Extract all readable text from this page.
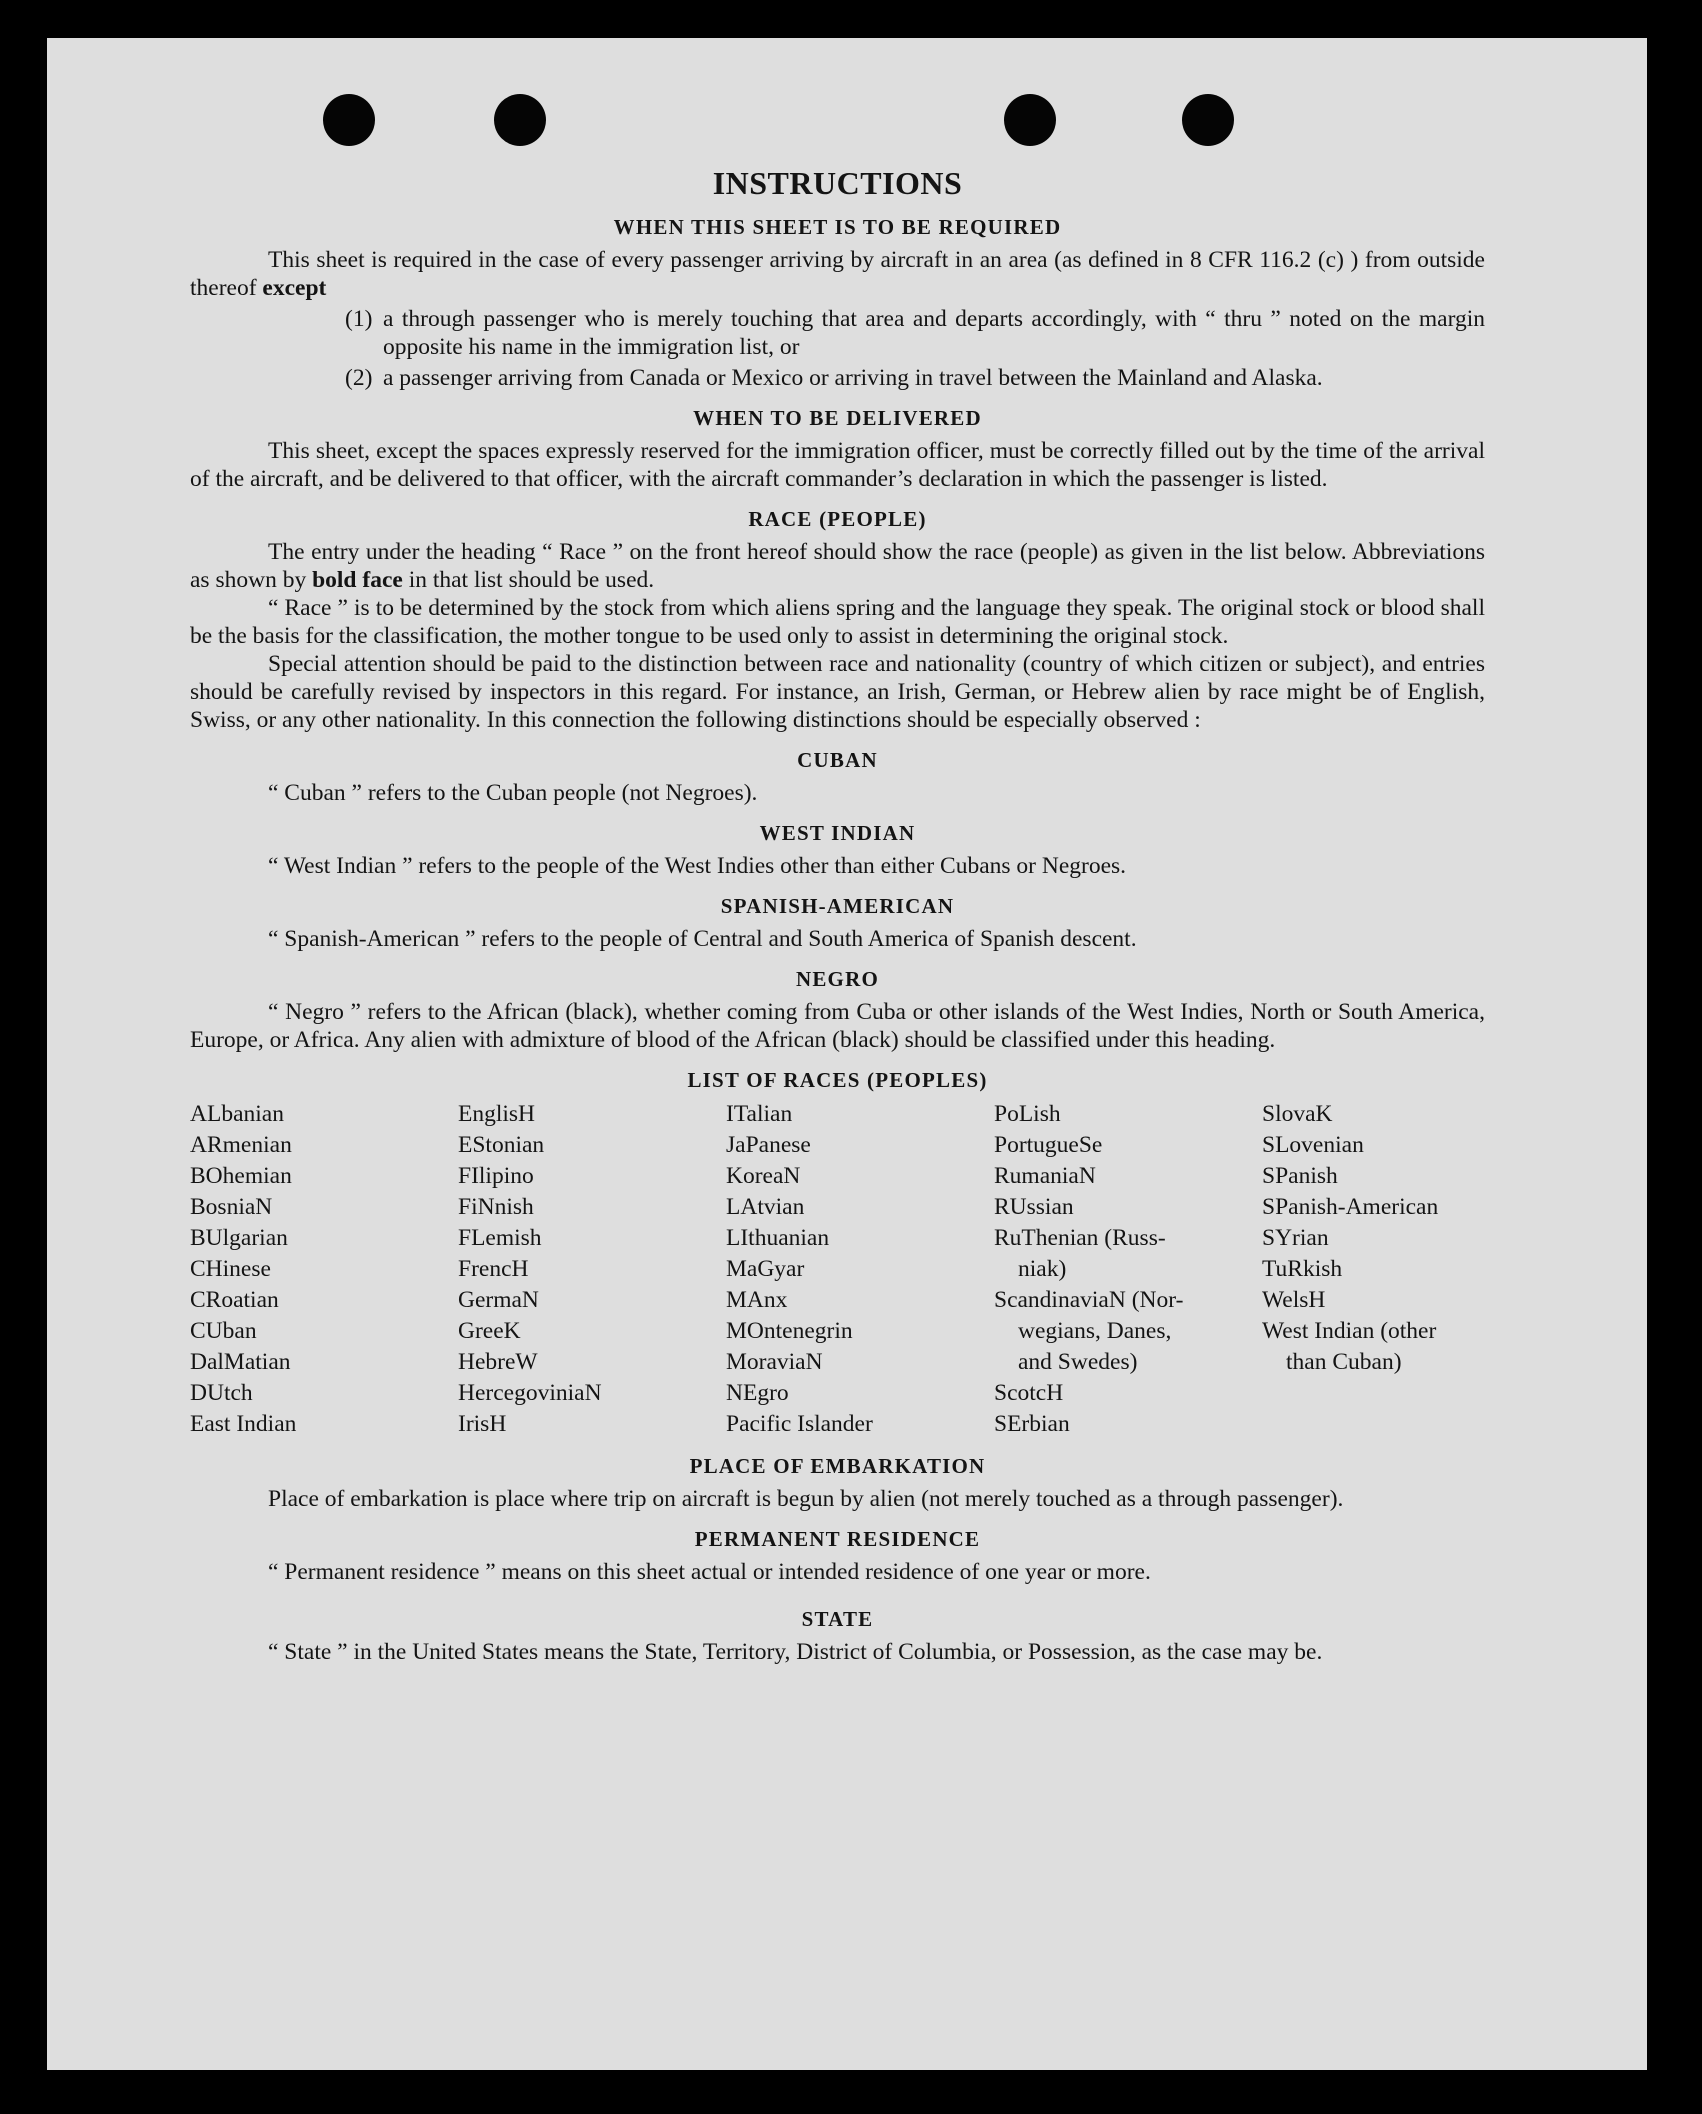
INSTRUCTIONS
WHEN THIS SHEET IS TO BE REQUIRED

This sheet is required in the case of every passenger arriving by aircraft in an area (as defined in 8 CFR 116.2 (c) ) from outside thereof except

(1) a through passenger who is merely touching that area and departs accordingly, with “ thru ” noted on the margin opposite his name in the immigration list, or
(2) a passenger arriving from Canada or Mexico or arriving in travel between the Mainland and Alaska.
WHEN TO BE DELIVERED

This sheet, except the spaces expressly reserved for the immigration officer, must be correctly filled out by the time of the arrival of the aircraft, and be delivered to that officer, with the aircraft commander’s declaration in which the passenger is listed.

RACE (PEOPLE)

The entry under the heading “ Race ” on the front hereof should show the race (people) as given in the list below. Abbreviations as shown by bold face in that list should be used.

“ Race ” is to be determined by the stock from which aliens spring and the language they speak. The original stock or blood shall be the basis for the classification, the mother tongue to be used only to assist in determining the original stock.

Special attention should be paid to the distinction between race and nationality (country of which citizen or subject), and entries should be carefully revised by inspectors in this regard. For instance, an Irish, German, or Hebrew alien by race might be of English, Swiss, or any other nationality. In this connection the following distinctions should be especially observed :

CUBAN

“ Cuban ” refers to the Cuban people (not Negroes).

WEST INDIAN

“ West Indian ” refers to the people of the West Indies other than either Cubans or Negroes.

SPANISH-AMERICAN

“ Spanish-American ” refers to the people of Central and South America of Spanish descent.

NEGRO

“ Negro ” refers to the African (black), whether coming from Cuba or other islands of the West Indies, North or South America, Europe, or Africa. Any alien with admixture of blood of the African (black) should be classified under this heading.

LIST OF RACES (PEOPLES)

ALbanian

ARmenian

BOhemian

BosniaN

BUlgarian

CHinese

CRoatian

CUban

DalMatian

DUtch

East Indian

EnglisH

EStonian

FIlipino

FiNnish

FLemish

FrencH

GermaN

GreeK

HebreW

HercegoviniaN

IrisH

ITalian

JaPanese

KoreaN

LAtvian

LIthuanian

MaGyar

MAnx

MOntenegrin

MoraviaN

NEgro

Pacific Islander

PoLish

PortugueSe

RumaniaN

RUssian

RuThenian (Russ-

niak)

ScandinaviaN (Nor-

wegians, Danes,

and Swedes)

ScotcH

SErbian

SlovaK

SLovenian

SPanish

SPanish-American

SYrian

TuRkish

WelsH

West Indian (other

than Cuban)

PLACE OF EMBARKATION

Place of embarkation is place where trip on aircraft is begun by alien (not merely touched as a through passenger).

PERMANENT RESIDENCE

“ Permanent residence ” means on this sheet actual or intended residence of one year or more.

STATE

“ State ” in the United States means the State, Territory, District of Columbia, or Possession, as the case may be.
